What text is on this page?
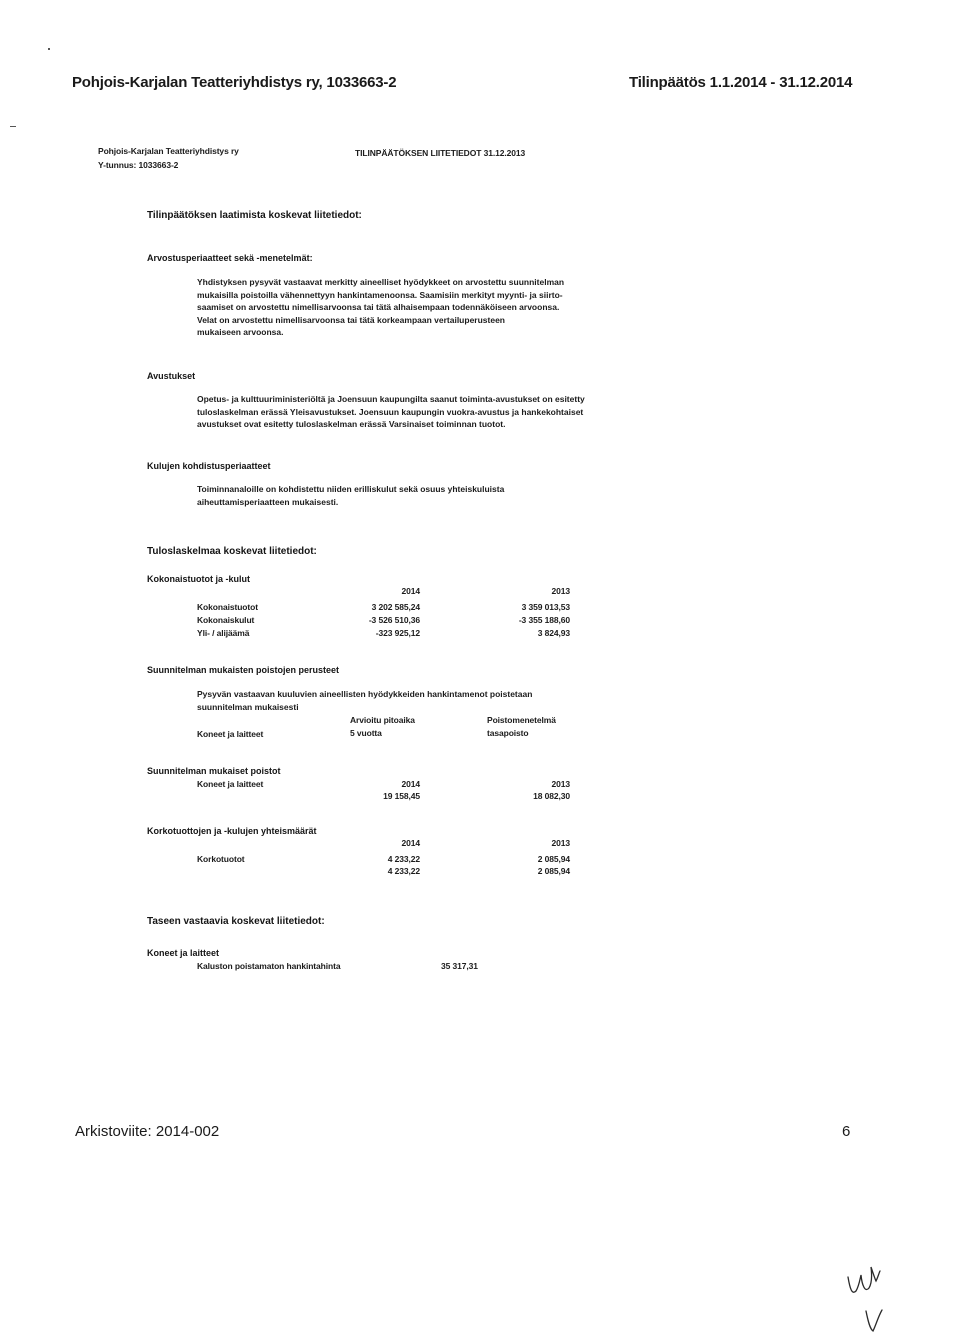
Pohjois-Karjalan Teatteriyhdistys ry, 1033663-2	Tilinpäätös 1.1.2014 - 31.12.2014
Pohjois-Karjalan Teatteriyhdistys ry
Y-tunnus: 1033663-2
TILINPÄÄTÖKSEN LIITETIEDOT 31.12.2013
Tilinpäätöksen laatimista koskevat liitetiedot:
Arvostusperiaatteet sekä -menetelmät:
Yhdistyksen pysyvät vastaavat merkitty aineelliset hyödykkeet on arvostettu suunnitelman
mukaisilla poistoilla vähennettyyn hankintamenoonsa. Saamisiin merkityt myynti- ja siirto-
saamiset on arvostettu nimellisarvoonsa tai tätä alhaisempaan todennäköiseen arvoonsa.
Velat on arvostettu nimellisarvoonsa tai tätä korkeampaan vertailuperusteen
mukaiseen arvoonsa.
Avustukset
Opetus- ja kulttuuriministeriöltä ja Joensuun kaupungilta saanut toiminta-avustukset on esitetty
tuloslaskelman erässä Yleisavustukset. Joensuun kaupungin vuokra-avustus ja hankekohtaiset
avustukset ovat esitetty tuloslaskelman erässä Varsinaiset toiminnan tuotot.
Kulujen kohdistusperiaatteet
Toiminnanaloille on kohdistettu niiden erilliskulut sekä osuus yhteiskuluista
aiheuttamisperiaatteen mukaisesti.
Tuloslaskelmaa koskevat liitetiedot:
Kokonaistuotot ja -kulut
2014	2013
Kokonaistuotot	3 202 585,24	3 359 013,53
Kokonaiskulut	-3 526 510,36	-3 355 188,60
Yli- / alijäämä	-323 925,12	3 824,93
Suunnitelman mukaisten poistojen perusteet
Pysyvän vastaavan kuuluvien aineellisten hyödykkeiden hankintamenot poistetaan
suunnitelman mukaisesti
Arvioitu pitoaika	Poistomenetelmä
Koneet ja laitteet	5 vuotta	tasapoisto
Suunnitelman mukaiset poistot
Koneet ja laitteet	2014	2013
19 158,45	18 082,30
Korkotuottojen ja -kulujen yhteismäärät
2014	2013
Korkotuotot	4 233,22	2 085,94
4 233,22	2 085,94
Taseen vastaavia koskevat liitetiedot:
Koneet ja laitteet
Kaluston poistamaton hankintahinta	35 317,31
Arkistoviite: 2014-002	6
